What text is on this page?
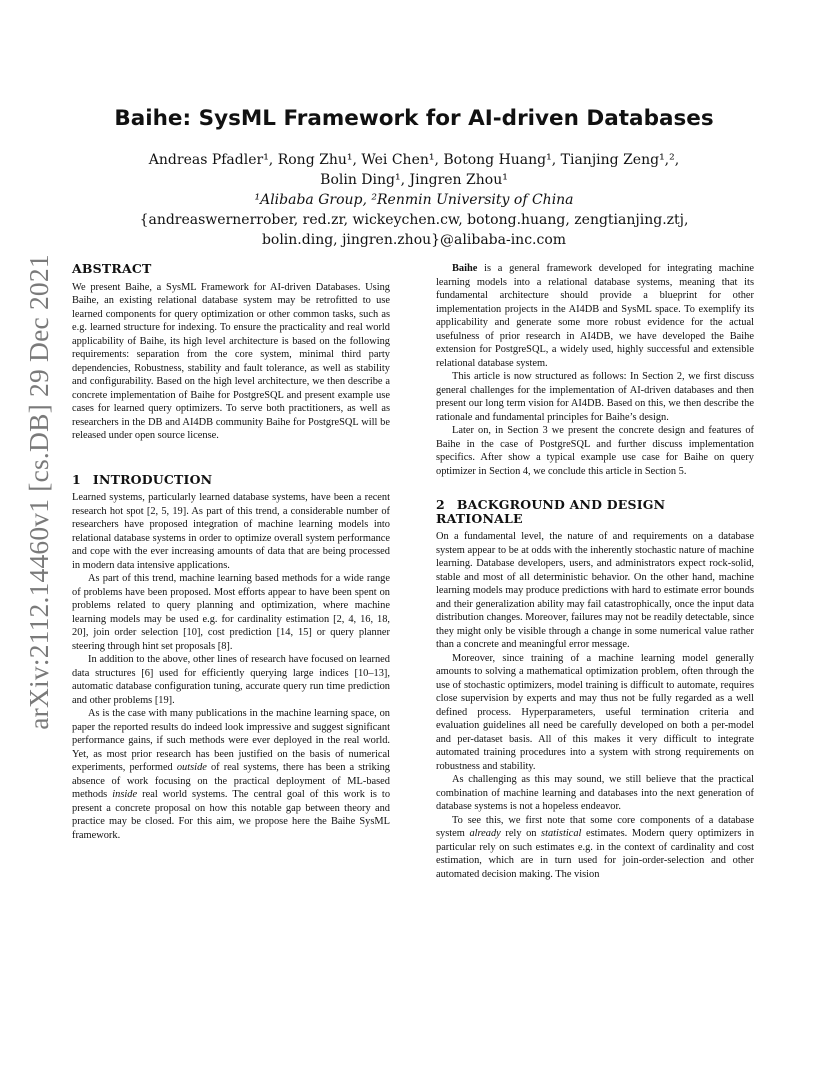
arXiv:2112.14460v1 [cs.DB] 29 Dec 2021
Baihe: SysML Framework for AI-driven Databases
Andreas Pfadler¹, Rong Zhu¹, Wei Chen¹, Botong Huang¹, Tianjing Zeng¹,²,
Bolin Ding¹, Jingren Zhou¹
¹Alibaba Group, ²Renmin University of China
{andreaswernerrober, red.zr, wickeychen.cw, botong.huang, zengtianjing.ztj,
bolin.ding, jingren.zhou}@alibaba-inc.com
ABSTRACT

We present Baihe, a SysML Framework for AI-driven Databases. Using Baihe, an existing relational database system may be retrofitted to use learned components for query optimization or other common tasks, such as e.g. learned structure for indexing. To ensure the practicality and real world applicability of Baihe, its high level architecture is based on the following requirements: separation from the core system, minimal third party dependencies, Robustness, stability and fault tolerance, as well as stability and configurability. Based on the high level architecture, we then describe a concrete implementation of Baihe for PostgreSQL and present example use cases for learned query optimizers. To serve both practitioners, as well as researchers in the DB and AI4DB community Baihe for PostgreSQL will be released under open source license.

1 INTRODUCTION

Learned systems, particularly learned database systems, have been a recent research hot spot [2, 5, 19]. As part of this trend, a considerable number of researchers have proposed integration of machine learning models into relational database systems in order to optimize overall system performance and cope with the ever increasing amounts of data that are being processed in modern data intensive applications.

As part of this trend, machine learning based methods for a wide range of problems have been proposed. Most efforts appear to have been spent on problems related to query planning and optimization, where machine learning models may be used e.g. for cardinality estimation [2, 4, 16, 18, 20], join order selection [10], cost prediction [14, 15] or query planner steering through hint set proposals [8].

In addition to the above, other lines of research have focused on learned data structures [6] used for efficiently querying large indices [10–13], automatic database configuration tuning, accurate query run time prediction and other problems [19].

As is the case with many publications in the machine learning space, on paper the reported results do indeed look impressive and suggest significant performance gains, if such methods were ever deployed in the real world. Yet, as most prior research has been justified on the basis of numerical experiments, performed outside of real systems, there has been a striking absence of work focusing on the practical deployment of ML-based methods inside real world systems. The central goal of this work is to present a concrete proposal on how this notable gap between theory and practice may be closed. For this aim, we propose here the Baihe SysML framework.

Baihe is a general framework developed for integrating machine learning models into a relational database systems, meaning that its fundamental architecture should provide a blueprint for other implementation projects in the AI4DB and SysML space. To exemplify its applicability and generate some more robust evidence for the actual usefulness of prior research in AI4DB, we have developed the Baihe extension for PostgreSQL, a widely used, highly successful and extensible relational database system.

This article is now structured as follows: In Section 2, we first discuss general challenges for the implementation of AI-driven databases and then present our long term vision for AI4DB. Based on this, we then describe the rationale and fundamental principles for Baihe’s design.

Later on, in Section 3 we present the concrete design and features of Baihe in the case of PostgreSQL and further discuss implementation specifics. After show a typical example use case for Baihe on query optimizer in Section 4, we conclude this article in Section 5.

2 BACKGROUND AND DESIGN RATIONALE

On a fundamental level, the nature of and requirements on a database system appear to be at odds with the inherently stochastic nature of machine learning. Database developers, users, and administrators expect rock-solid, stable and most of all deterministic behavior. On the other hand, machine learning models may produce predictions with hard to estimate error bounds and their generalization ability may fail catastrophically, once the input data distribution changes. Moreover, failures may not be readily detectable, since they might only be visible through a change in some numerical value rather than a concrete and meaningful error message.

Moreover, since training of a machine learning model generally amounts to solving a mathematical optimization problem, often through the use of stochastic optimizers, model training is difficult to automate, requires close supervision by experts and may thus not be fully regarded as a well defined process. Hyperparameters, useful termination criteria and evaluation guidelines all need be carefully developed on both a per-model and per-dataset basis. All of this makes it very difficult to integrate automated training procedures into a system with strong requirements on robustness and stability.

As challenging as this may sound, we still believe that the practical combination of machine learning and databases into the next generation of database systems is not a hopeless endeavor.

To see this, we first note that some core components of a database system already rely on statistical estimates. Modern query optimizers in particular rely on such estimates e.g. in the context of cardinality and cost estimation, which are in turn used for join-order-selection and other automated decision making. The vision
